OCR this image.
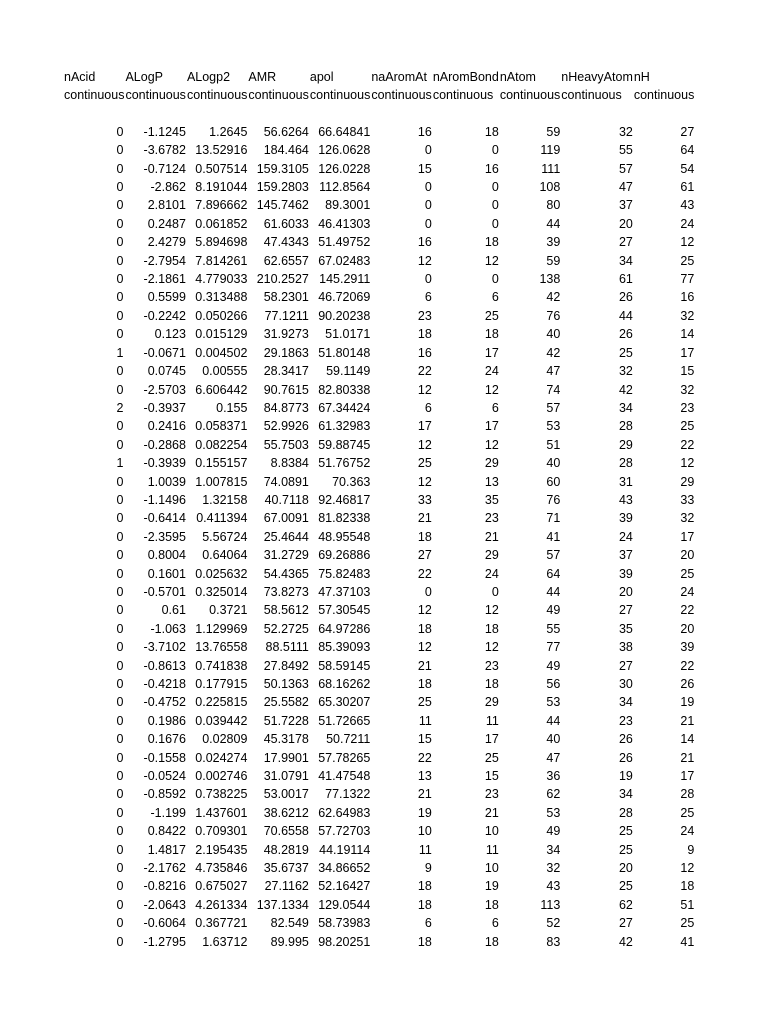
nAcid	ALogP	ALogp2	AMR	apol	naAromAt	nAromBond	nAtom	nHeavyAtom	nH
continuous	continuous	continuous	continuous	continuous	continuous	continuous	continuous	continuous	continuous

0	-1.1245	1.2645	56.6264	66.64841	16	18	59	32	27
0	-3.6782	13.52916	184.464	126.0628	0	0	119	55	64
0	-0.7124	0.507514	159.3105	126.0228	15	16	111	57	54
0	-2.862	8.191044	159.2803	112.8564	0	0	108	47	61
0	2.8101	7.896662	145.7462	89.3001	0	0	80	37	43
0	0.2487	0.061852	61.6033	46.41303	0	0	44	20	24
0	2.4279	5.894698	47.4343	51.49752	16	18	39	27	12
0	-2.7954	7.814261	62.6557	67.02483	12	12	59	34	25
0	-2.1861	4.779033	210.2527	145.2911	0	0	138	61	77
0	0.5599	0.313488	58.2301	46.72069	6	6	42	26	16
0	-0.2242	0.050266	77.1211	90.20238	23	25	76	44	32
0	0.123	0.015129	31.9273	51.0171	18	18	40	26	14
1	-0.0671	0.004502	29.1863	51.80148	16	17	42	25	17
0	0.0745	0.00555	28.3417	59.1149	22	24	47	32	15
0	-2.5703	6.606442	90.7615	82.80338	12	12	74	42	32
2	-0.3937	0.155	84.8773	67.34424	6	6	57	34	23
0	0.2416	0.058371	52.9926	61.32983	17	17	53	28	25
0	-0.2868	0.082254	55.7503	59.88745	12	12	51	29	22
1	-0.3939	0.155157	8.8384	51.76752	25	29	40	28	12
0	1.0039	1.007815	74.0891	70.363	12	13	60	31	29
0	-1.1496	1.32158	40.7118	92.46817	33	35	76	43	33
0	-0.6414	0.411394	67.0091	81.82338	21	23	71	39	32
0	-2.3595	5.56724	25.4644	48.95548	18	21	41	24	17
0	0.8004	0.64064	31.2729	69.26886	27	29	57	37	20
0	0.1601	0.025632	54.4365	75.82483	22	24	64	39	25
0	-0.5701	0.325014	73.8273	47.37103	0	0	44	20	24
0	0.61	0.3721	58.5612	57.30545	12	12	49	27	22
0	-1.063	1.129969	52.2725	64.97286	18	18	55	35	20
0	-3.7102	13.76558	88.5111	85.39093	12	12	77	38	39
0	-0.8613	0.741838	27.8492	58.59145	21	23	49	27	22
0	-0.4218	0.177915	50.1363	68.16262	18	18	56	30	26
0	-0.4752	0.225815	25.5582	65.30207	25	29	53	34	19
0	0.1986	0.039442	51.7228	51.72665	11	11	44	23	21
0	0.1676	0.02809	45.3178	50.7211	15	17	40	26	14
0	-0.1558	0.024274	17.9901	57.78265	22	25	47	26	21
0	-0.0524	0.002746	31.0791	41.47548	13	15	36	19	17
0	-0.8592	0.738225	53.0017	77.1322	21	23	62	34	28
0	-1.199	1.437601	38.6212	62.64983	19	21	53	28	25
0	0.8422	0.709301	70.6558	57.72703	10	10	49	25	24
0	1.4817	2.195435	48.2819	44.19114	11	11	34	25	9
0	-2.1762	4.735846	35.6737	34.86652	9	10	32	20	12
0	-0.8216	0.675027	27.1162	52.16427	18	19	43	25	18
0	-2.0643	4.261334	137.1334	129.0544	18	18	113	62	51
0	-0.6064	0.367721	82.549	58.73983	6	6	52	27	25
0	-1.2795	1.63712	89.995	98.20251	18	18	83	42	41
